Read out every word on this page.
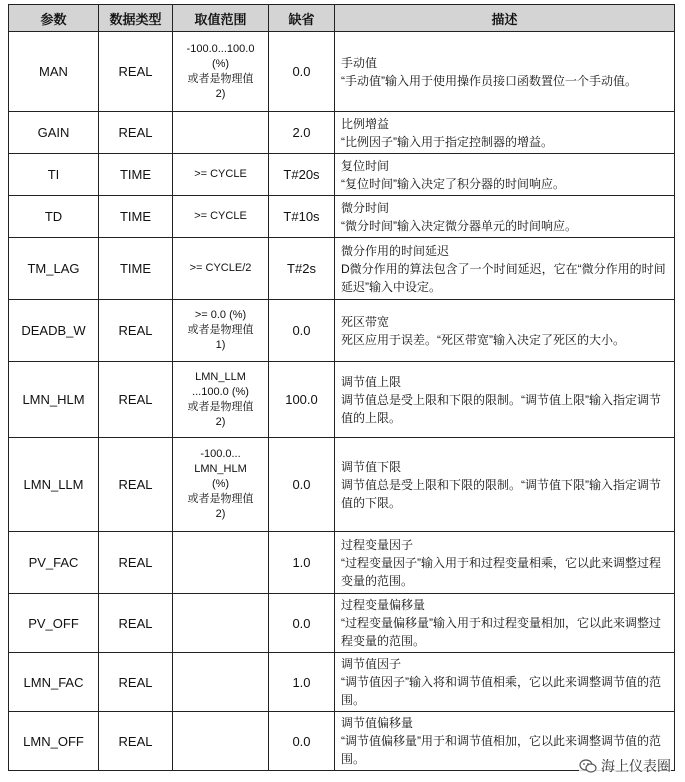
参数	数据类型	取值范围	缺省	描述
MAN	REAL	-100.0...100.0
(%)
或者是物理值
2)	0.0	手动值
“手动值”输入用于使用操作员接口函数置位一个手动值。

GAIN	REAL		2.0	比例增益
“比例因子”输入用于指定控制器的增益。

TI	TIME	>= CYCLE	T#20s	复位时间
“复位时间”输入决定了积分器的时间响应。

TD	TIME	>= CYCLE	T#10s	微分时间
“微分时间”输入决定微分器单元的时间响应。

TM_LAG	TIME	>= CYCLE/2	T#2s	微分作用的时间延迟
D微分作用的算法包含了一个时间延迟，它在“微分作用的时间延迟”输入中设定。

DEADB_W	REAL	>= 0.0 (%)
或者是物理值
1)	0.0	死区带宽
死区应用于误差。“死区带宽”输入决定了死区的大小。

LMN_HLM	REAL	LMN_LLM
...100.0 (%)
或者是物理值
2)	100.0	调节值上限
调节值总是受上限和下限的限制。“调节值上限”输入指定调节值的上限。

LMN_LLM	REAL	-100.0...
LMN_HLM
(%)
或者是物理值
2)	0.0	调节值下限
调节值总是受上限和下限的限制。“调节值下限”输入指定调节值的下限。

PV_FAC	REAL		1.0	过程变量因子
“过程变量因子”输入用于和过程变量相乘，它以此来调整过程变量的范围。

PV_OFF	REAL		0.0	过程变量偏移量
“过程变量偏移量”输入用于和过程变量相加，它以此来调整过程变量的范围。

LMN_FAC	REAL		1.0	调节值因子
“调节值因子”输入将和调节值相乘，它以此来调整调节值的范围。

LMN_OFF	REAL		0.0	调节值偏移量
“调节值偏移量”用于和调节值相加，它以此来调整调节值的范围。	海上仪表圈
